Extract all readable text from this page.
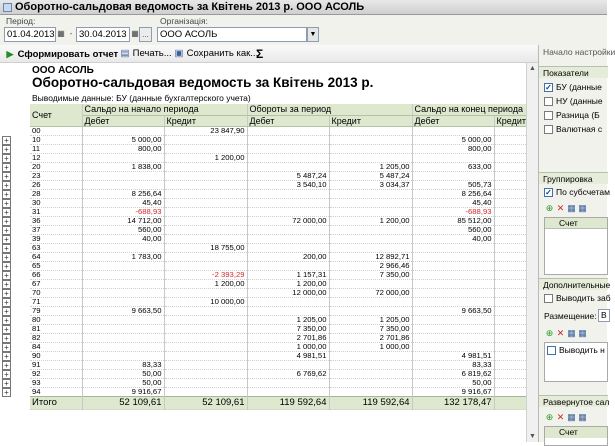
Оборотно-сальдовая ведомость за Квітень 2013 р. ООО АСОЛЬ
Період:
01.04.2013 ▦ - 30.04.2013 ▦ ...
Організація:
ООО АСОЛЬ	▼
▶ Сформировать отчет ▤ Печать... ▣ Сохранить как...
Σ
+
+
+
+
+
+
+
+
+
+
+
+
+
+
+
+
+
+
+
+
+
+
+
+
+
+
+
+
+
ООО АСОЛЬ
Оборотно-сальдовая ведомость за Квітень 2013 р.
Выводимые данные: БУ (данные бухгалтерского учета)
Счет	Сальдо на начало периода		Обороты за период		Сальдо на конец периода	
	Дебет	Кредит	Дебет	Кредит	Дебет	Кредит
00		23 847,90				
10	5 000,00				5 000,00	
11	800,00				800,00	
12		1 200,00				
20	1 838,00			1 205,00	633,00	
23			5 487,24	5 487,24		
26			3 540,10	3 034,37	505,73	
28	8 256,64				8 256,64	
30	45,40				45,40	
31	-688,93				-688,93	
36	14 712,00		72 000,00	1 200,00	85 512,00	
37	560,00				560,00	
39	40,00				40,00	
63		18 755,00				
64	1 783,00		200,00	12 892,71		
65				2 966,46		
66		-2 393,29	1 157,31	7 350,00		
67		1 200,00	1 200,00			
70			12 000,00	72 000,00		
71		10 000,00				
79	9 663,50				9 663,50	
80			1 205,00	1 205,00		
81			7 350,00	7 350,00		
82			2 701,86	2 701,86		
84			1 000,00	1 000,00		
90			4 981,51		4 981,51	
91	83,33				83,33	
92	50,00		6 769,62		6 819,62	
93	50,00				50,00	
94	9 916,67				9 916,67	
Итого	52 109,61	52 109,61	119 592,64	119 592,64	132 178,47	
▲
▼
Начало настройки
Показатели
✓ БУ (данные
НУ (данные
Разница (Б
Валютная с
Группировка
✓ По субсчетам
⊕ ✕ ▦ ▦
Счет
Дополнительные
Выводить заб
Размещение: В
⊕ ✕ ▦ ▦
Выводить н
Развернутое сал
⊕ ✕ ▦ ▦
Счет
